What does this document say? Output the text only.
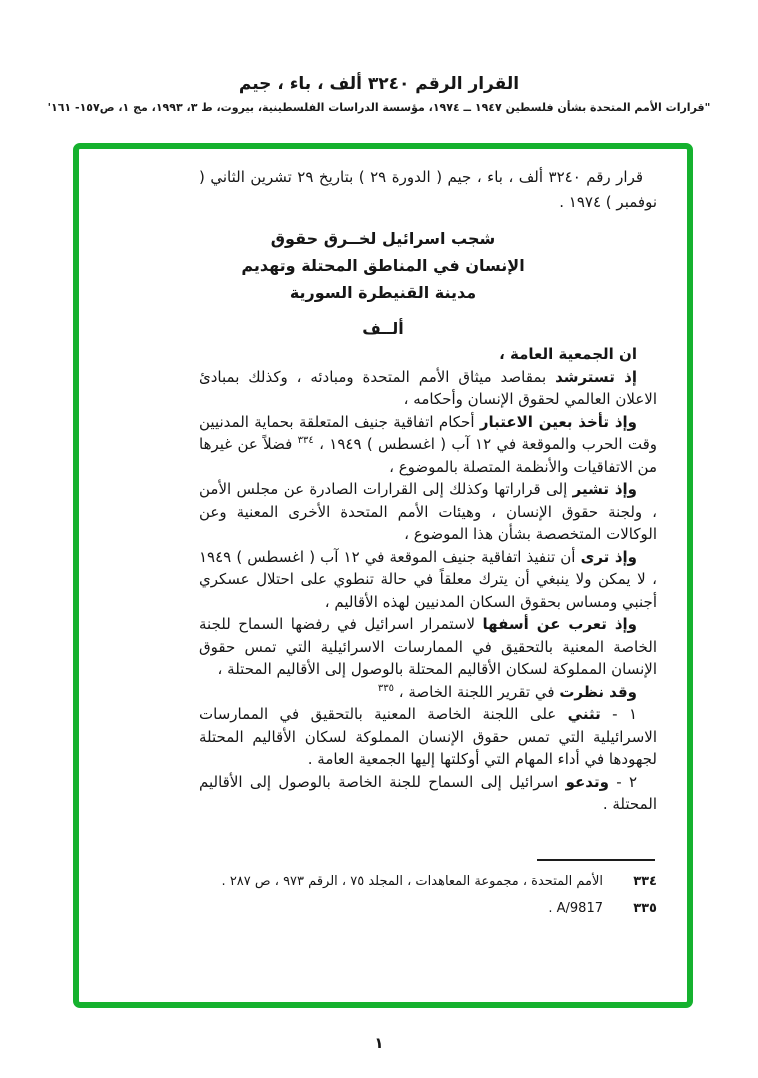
القرار الرقم ٣٢٤٠ ألف ، باء ، جيم
"قرارات الأمم المتحدة بشأن فلسطين ١٩٤٧ ــ ١٩٧٤، مؤسسة الدراسات الفلسطينية، بيروت، ط ٣، ١٩٩٣، مج ١، ص١٥٧- ١٦١'

قرار رقم ٣٢٤٠ ألف ، باء ، جيم ( الدورة ٢٩ ) بتاريخ ٢٩ تشرين الثاني ( نوفمبر ) ١٩٧٤ .

شجب اسرائيل لخــرق حقوق
الإنسان في المناطق المحتلة وتهديم
مدينة القنيطرة السورية
ألــف

ان الجمعية العامة ،

إذ تسترشد بمقاصد ميثاق الأمم المتحدة ومبادئه ، وكذلك بمبادئ الاعلان العالمي لحقوق الإنسان وأحكامه ،

وإذ تأخذ بعين الاعتبار أحكام اتفاقية جنيف المتعلقة بحماية المدنيين وقت الحرب والموقعة في ١٢ آب ( اغسطس ) ١٩٤٩ ، $^{٣٣٤}$ فضلاً عن غيرها من الاتفاقيات والأنظمة المتصلة بالموضوع ،

وإذ تشير إلى قراراتها وكذلك إلى القرارات الصادرة عن مجلس الأمن ، ولجنة حقوق الإنسان ، وهيئات الأمم المتحدة الأخرى المعنية وعن الوكالات المتخصصة بشأن هذا الموضوع ،

وإذ ترى أن تنفيذ اتفاقية جنيف الموقعة في ١٢ آب ( اغسطس ) ١٩٤٩ ، لا يمكن ولا ينبغي أن يترك معلقاً في حالة تنطوي على احتلال عسكري أجنبي ومساس بحقوق السكان المدنيين لهذه الأقاليم ،

وإذ تعرب عن أسفها لاستمرار اسرائيل في رفضها السماح للجنة الخاصة المعنية بالتحقيق في الممارسات الاسرائيلية التي تمس حقوق الإنسان المملوكة لسكان الأقاليم المحتلة بالوصول إلى الأقاليم المحتلة ،

وقد نظرت في تقرير اللجنة الخاصة ، $^{٣٣٥}$

١ - تثني على اللجنة الخاصة المعنية بالتحقيق في الممارسات الاسرائيلية التي تمس حقوق الإنسان المملوكة لسكان الأقاليم المحتلة لجهودها في أداء المهام التي أوكلتها إليها الجمعية العامة .

٢ - وتدعو اسرائيل إلى السماح للجنة الخاصة بالوصول إلى الأقاليم المحتلة .

٣٣٤
الأمم المتحدة ، مجموعة المعاهدات ، المجلد ٧٥ ، الرقم ٩٧٣ ، ص ٢٨٧ .
٣٣٥
A/9817 .
١
